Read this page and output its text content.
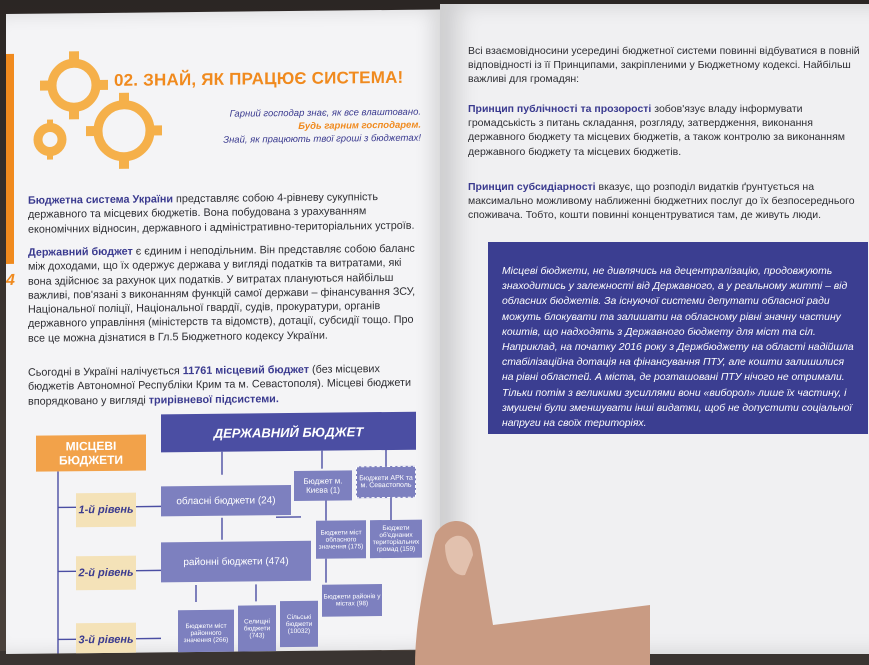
4
02. ЗНАЙ, ЯК ПРАЦЮЄ СИСТЕМА!
Гарний господар знає, як все влаштовано.
Будь гарним господарем.
Знай, як працюють твої гроші з бюджетах!
Бюджетна система України представляє собою 4-рівневу сукупність державного та місцевих бюджетів. Вона побудована з урахуванням економічних відносин, державного і адміністративно-територіальних устроїв.
Державний бюджет є єдиним і неподільним. Він представляє собою баланс між доходами, що їх одержує держава у вигляді податків та витратами, які вона здійснює за рахунок цих податків. У витратах плануються найбільш важливі, пов'язані з виконанням функцій самої держави – фінансування ЗСУ, Національної поліції, Національної гвардії, судів, прокуратури, органів державного управління (міністерств та відомств), дотації, субсидії тощо. Про все це можна дізнатися в Гл.5 Бюджетного кодексу України.
Сьогодні в Україні налічується 11761 місцевий бюджет (без місцевих бюджетів Автономної Республіки Крим та м. Севастополя). Місцеві бюджети впорядковано у вигляді трирівневої підсистеми.
МІСЦЕВІ БЮДЖЕТИ
ДЕРЖАВНИЙ БЮДЖЕТ
1-й рівень
2-й рівень
3-й рівень
обласні бюджети (24)
Бюджет м. Києва (1)
Бюджети АРК та м. Севастополь
районні бюджети (474)
Бюджети міст обласного значення (175)
Бюджети об'єднаних територіальних громад (159)
Бюджети міст районного значення (266)
Селищні бюджети (743)
Сільські бюджети (10032)
Бюджети районів у містах (98)
Всі взаємовідносини усередині бюджетної системи повинні відбуватися в повній відповідності із її Принципами, закріпленими у Бюджетному кодексі. Найбільш важливі для громадян:
Принцип публічності та прозорості зобов'язує владу інформувати громадськість з питань складання, розгляду, затвердження, виконання державного бюджету та місцевих бюджетів, а також контролю за виконанням державного бюджету та місцевих бюджетів.
Принцип субсидіарності вказує, що розподіл видатків ґрунтується на максимально можливому наближенні бюджетних послуг до їх безпосереднього споживача. Тобто, кошти повинні концентруватися там, де живуть люди.
Місцеві бюджети, не дивлячись на децентралізацію, продовжують знаходитись у залежності від Державного, а у реальному житті – від обласних бюджетів. За існуючої системи депутати обласної ради можуть блокувати та залишати на обласному рівні значну частину коштів, що надходять з Державного бюджету для міст та сіл. Наприклад, на початку 2016 року з Держбюджету на області надійшла стабілізаційна дотація на фінансування ПТУ, але кошти залишилися на рівні областей. А міста, де розташовані ПТУ нічого не отримали. Тільки потім з великими зусиллями вони «виборол» лише їх частину, і змушені були зменшувати інші видатки, щоб не допустити соціальної напруги на своїх територіях.
